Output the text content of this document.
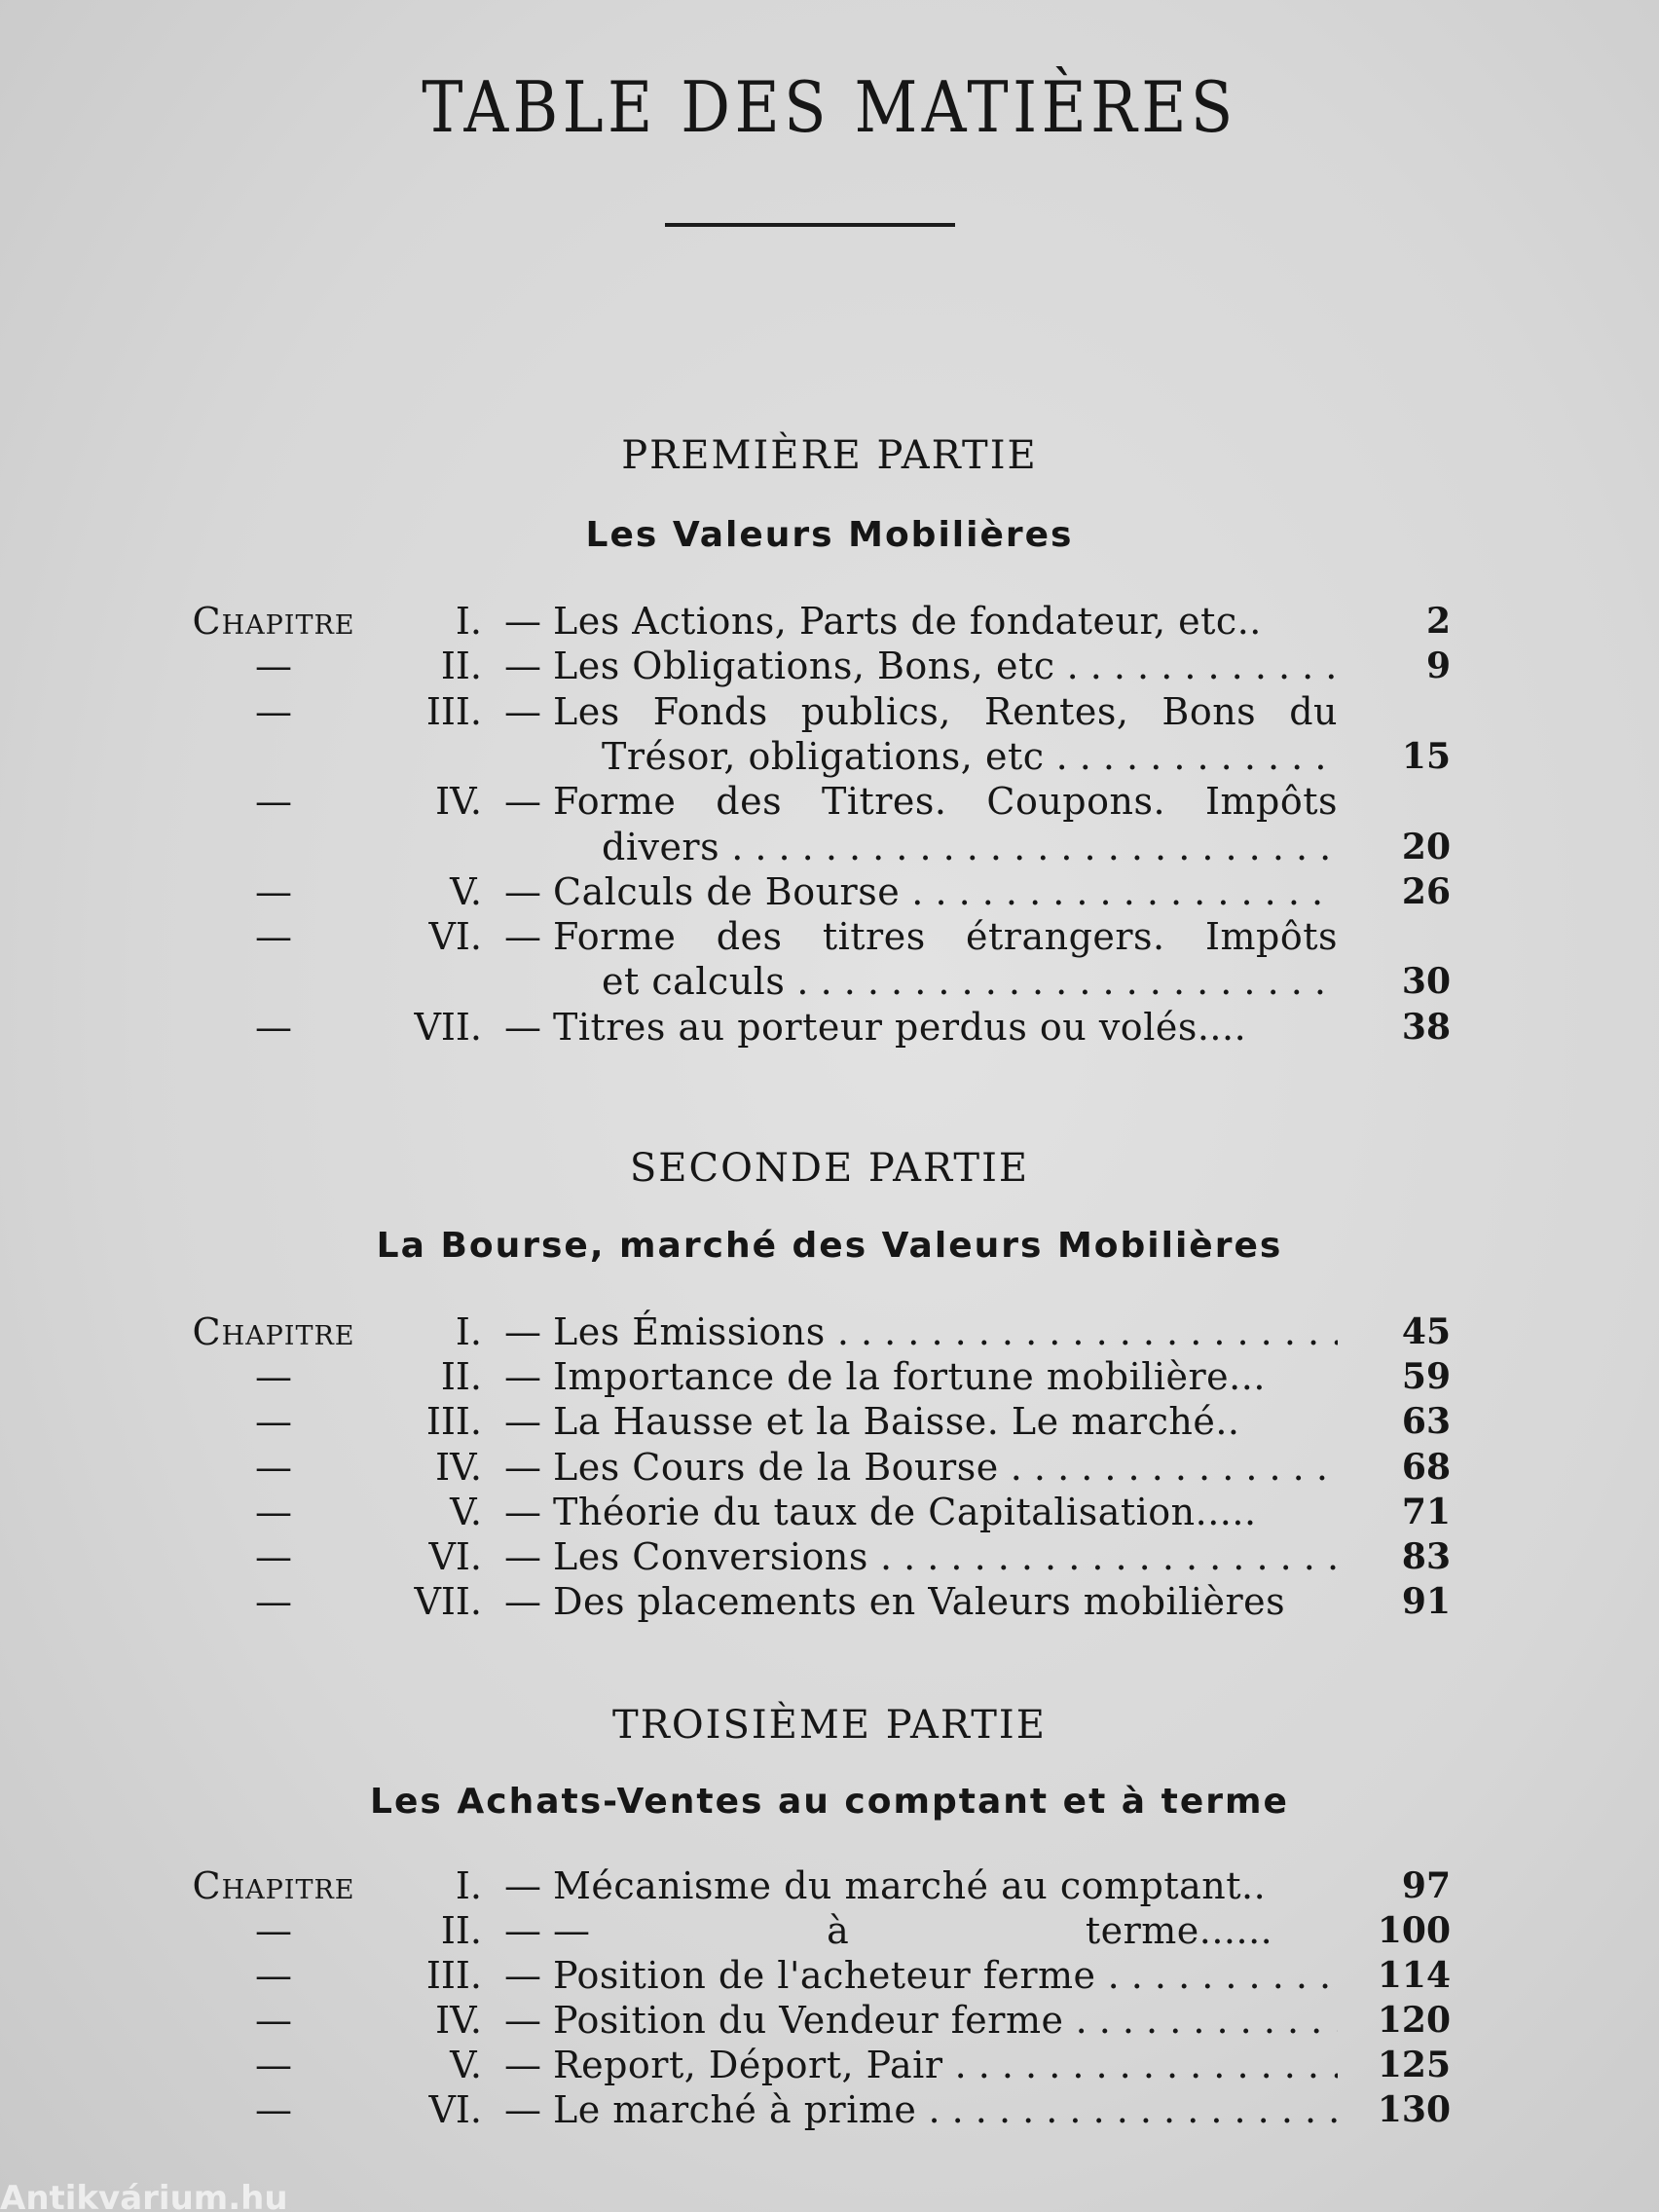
TABLE DES MATIÈRES
PREMIÈRE PARTIE
Les Valeurs Mobilières
SECONDE PARTIE
La Bourse, marché des Valeurs Mobilières
TROISIÈME PARTIE
Les Achats-Ventes au comptant et à terme
Chapitre	I. — Les Actions, Parts de fondateur, etc..	2
—	II. — Les Obligations, Bons, etc . . .	9
—	III. — Les Fonds publics, Rentes, Bons du
Trésor, obligations, etc . . .	15
—	IV. — Forme des Titres. Coupons. Impôts
divers . . .	20
—	V. — Calculs de Bourse . . .	26
—	VI. — Forme des titres étrangers. Impôts
et calculs . . .	30
—	VII. — Titres au porteur perdus ou volés....	38
Chapitre	I. — Les Émissions . . .	45
—	II. — Importance de la fortune mobilière...	59
—	III. — La Hausse et la Baisse. Le marché..	63
—	IV. — Les Cours de la Bourse . . .	68
—	V. — Théorie du taux de Capitalisation.....	71
—	VI. — Les Conversions . . .	83
—	VII. — Des placements en Valeurs mobilières	91
Chapitre	I. — Mécanisme du marché au comptant..	97
—	II. — — à terme......	100
—	III. — Position de l'acheteur ferme . . .	114
—	IV. — Position du Vendeur ferme . . .	120
—	V. — Report, Déport, Pair . . .	125
—	VI. — Le marché à prime . . .	130
Antikvárium.hu
